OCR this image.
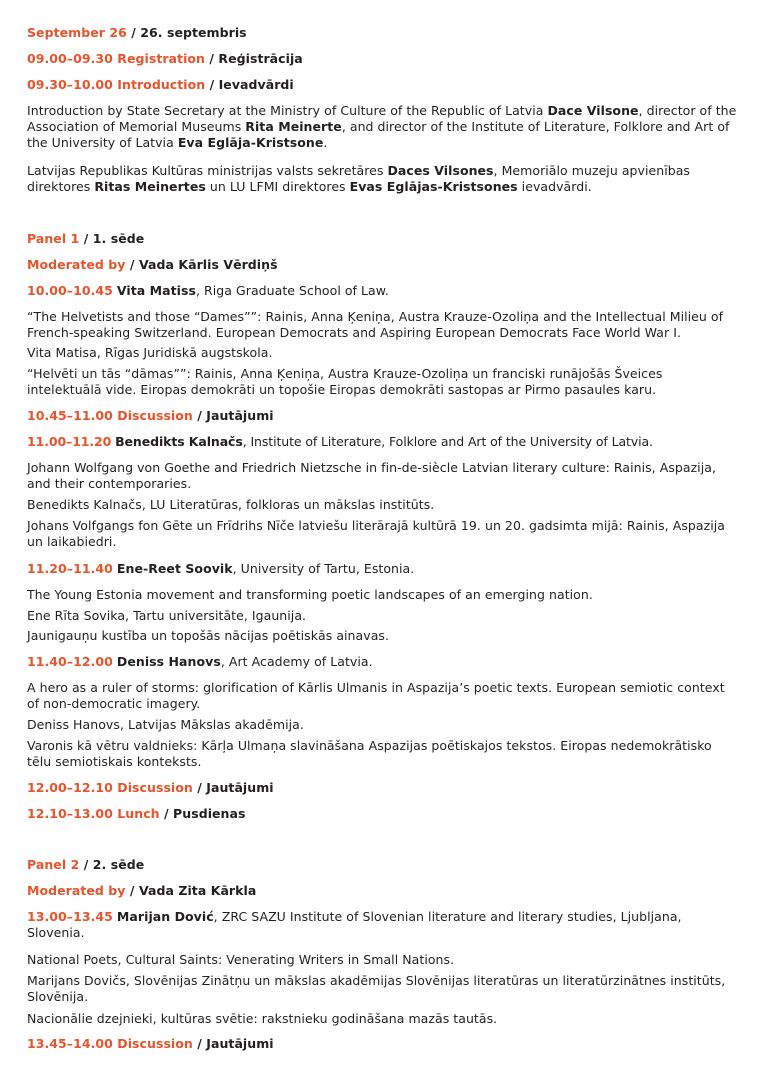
September 26 / 26. septembris
09.00–09.30 Registration / Reģistrācija
09.30–10.00 Introduction / Ievadvārdi
Introduction by State Secretary at the Ministry of Culture of the Republic of Latvia Dace Vilsone, director of the Association of Memorial Museums Rita Meinerte, and director of the Institute of Literature, Folklore and Art of the University of Latvia Eva Eglāja-Kristsone.
Latvijas Republikas Kultūras ministrijas valsts sekretāres Daces Vilsones, Memoriālo muzeju apvienības direktores Ritas Meinertes un LU LFMI direktores Evas Eglājas-Kristsones ievadvārdi.
Panel 1 / 1. sēde
Moderated by / Vada Kārlis Vērdiņš
10.00–10.45 Vita Matiss, Riga Graduate School of Law.
“The Helvetists and those “Dames””: Rainis, Anna Ķeniņa, Austra Krauze-Ozoliņa and the Intellectual Milieu of French-speaking Switzerland. European Democrats and Aspiring European Democrats Face World War I.
Vita Matisa, Rīgas Juridiskā augstskola.
“Helvēti un tās “dāmas””: Rainis, Anna Ķeniņa, Austra Krauze-Ozoliņa un franciski runājošās Šveices intelektuālā vide. Eiropas demokrāti un topošie Eiropas demokrāti sastopas ar Pirmo pasaules karu.
10.45–11.00 Discussion / Jautājumi
11.00–11.20 Benedikts Kalnačs, Institute of Literature, Folklore and Art of the University of Latvia.
Johann Wolfgang von Goethe and Friedrich Nietzsche in fin-de-siècle Latvian literary culture: Rainis, Aspazija, and their contemporaries.
Benedikts Kalnačs, LU Literatūras, folkloras un mākslas institūts.
Johans Volfgangs fon Gēte un Frīdrihs Nīče latviešu literārajā kultūrā 19. un 20. gadsimta mijā: Rainis, Aspazija un laikabiedri.
11.20–11.40 Ene-Reet Soovik, University of Tartu, Estonia.
The Young Estonia movement and transforming poetic landscapes of an emerging nation.
Ene Rīta Sovika, Tartu universitāte, Igaunija.
Jaunigauņu kustība un topošās nācijas poētiskās ainavas.
11.40–12.00 Deniss Hanovs, Art Academy of Latvia.
A hero as a ruler of storms: glorification of Kārlis Ulmanis in Aspazija’s poetic texts. European semiotic context of non-democratic imagery.
Deniss Hanovs, Latvijas Mākslas akadēmija.
Varonis kā vētru valdnieks: Kārļa Ulmaņa slavināšana Aspazijas poētiskajos tekstos. Eiropas nedemokrātisko tēlu semiotiskais konteksts.
12.00–12.10 Discussion / Jautājumi
12.10–13.00 Lunch / Pusdienas
Panel 2 / 2. sēde
Moderated by / Vada Zita Kārkla
13.00–13.45 Marijan Dović, ZRC SAZU Institute of Slovenian literature and literary studies, Ljubljana, Slovenia.
National Poets, Cultural Saints: Venerating Writers in Small Nations.
Marijans Dovičs, Slovēnijas Zinātņu un mākslas akadēmijas Slovēnijas literatūras un literatūrzinātnes institūts, Slovēnija.
Nacionālie dzejnieki, kultūras svētie: rakstnieku godināšana mazās tautās.
13.45–14.00 Discussion / Jautājumi
